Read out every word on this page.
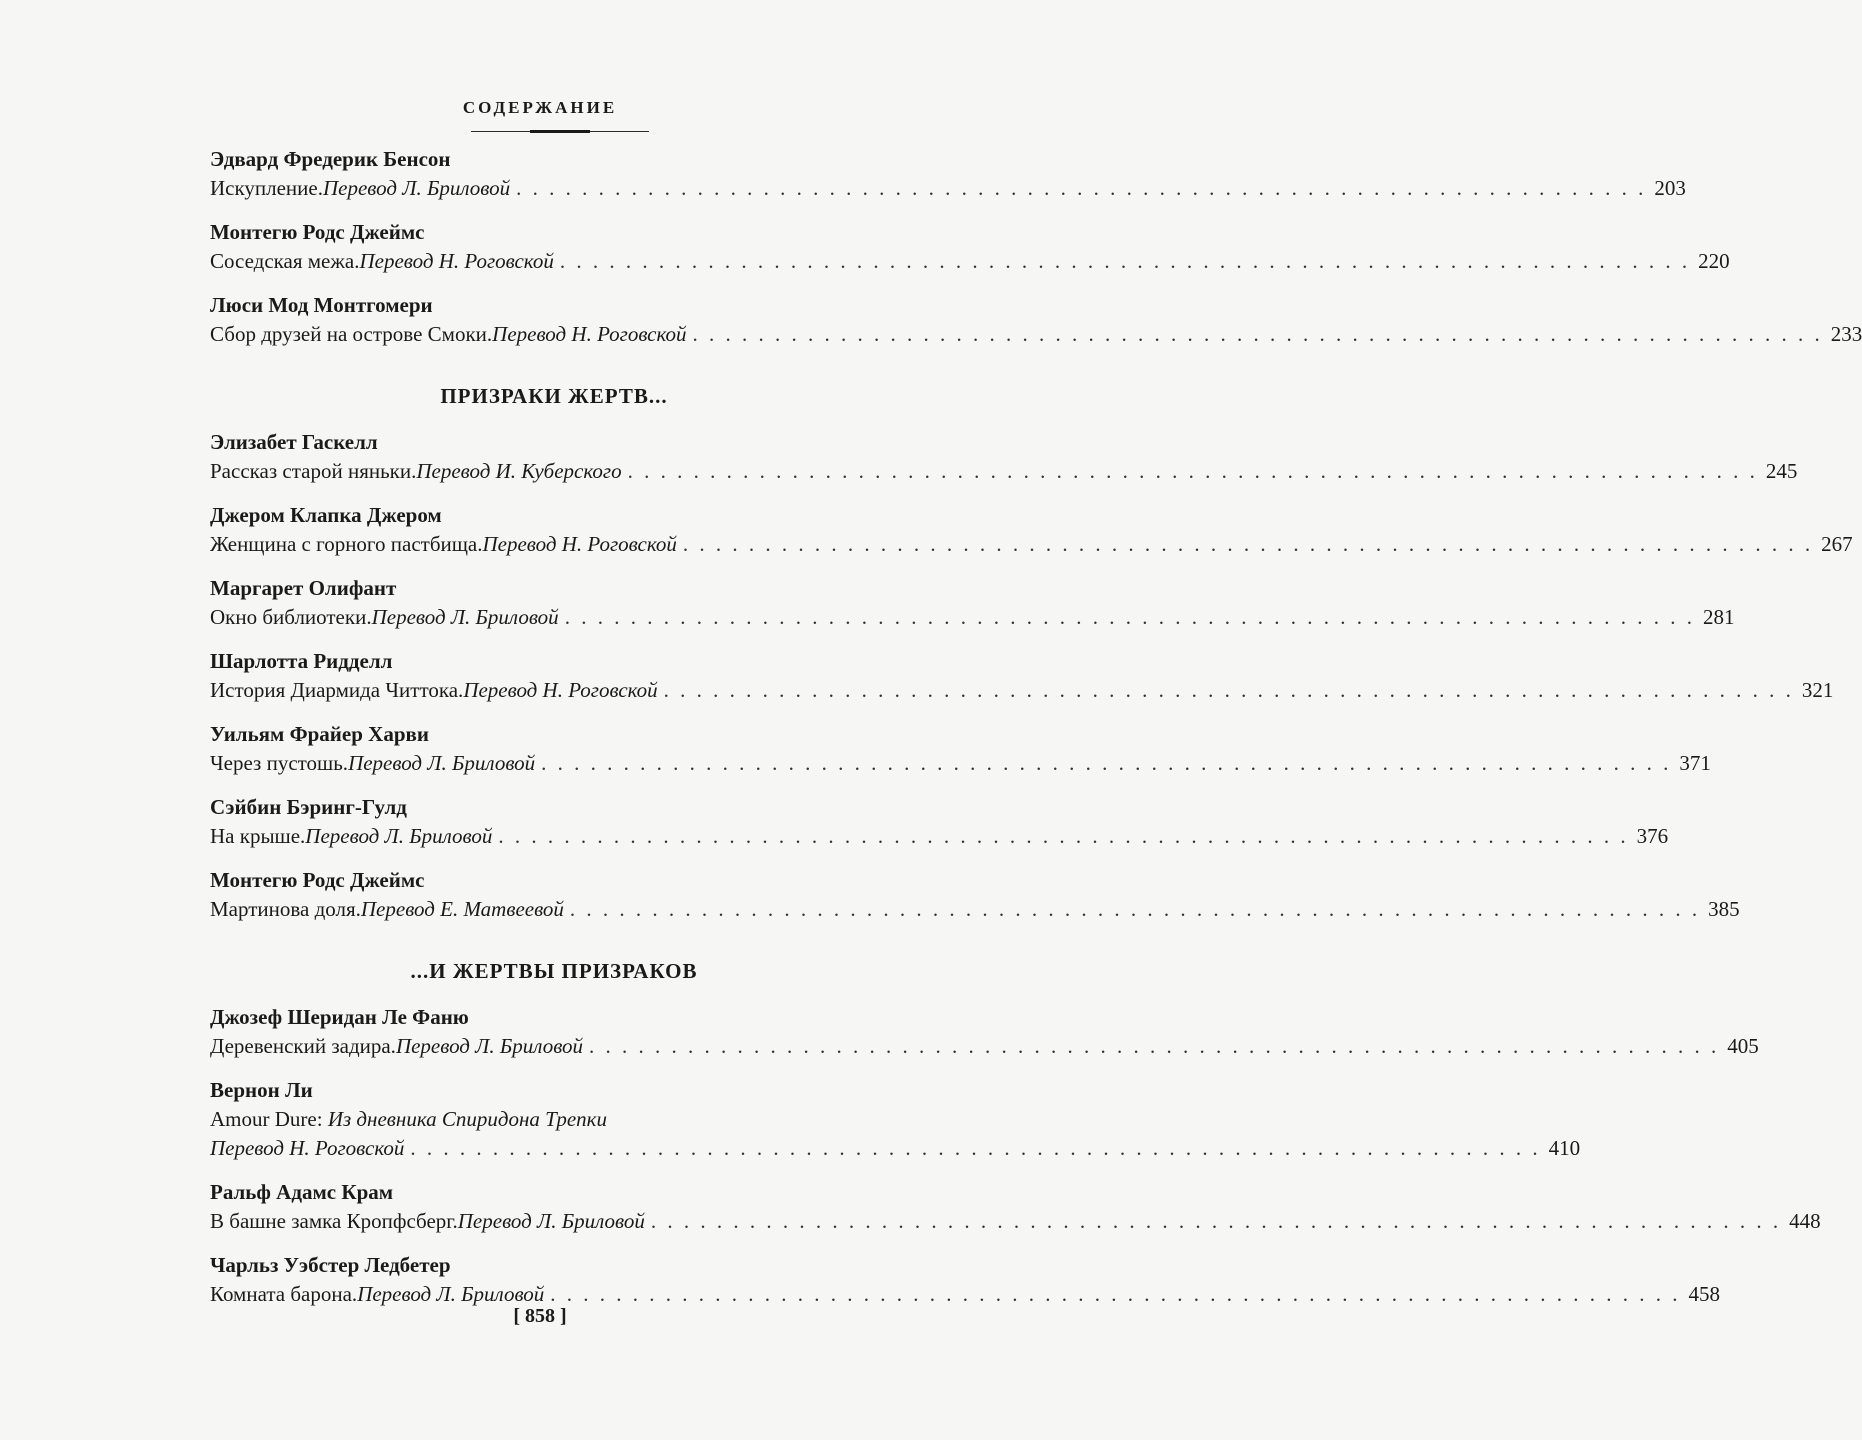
СОДЕРЖАНИЕ
Эдвард Фредерик Бенсон
Искупление. Перевод Л. Бриловой . . . . . . . . . . . . . . . . . . . . . . . . . . . . . . . . . . . . . . . . . . . . . . . . . . . . . . . . . . . . . . . . . . . . . 203
Монтегю Родс Джеймс
Соседская межа. Перевод Н. Роговской . . . . . . . . . . . . . . . . . . . . . . . . . . . . . . . . . . . . . . . . . . . . . . . . . . . . . . . . . . . . . . . . . . . . . 220
Люси Мод Монтгомери
Сбор друзей на острове Смоки. Перевод Н. Роговской . . . . . . . . . . . . . . . . . . . . . . . . . . . . . . . . . . . . . . . . . . . . . . . . . . . . . . . . . . . . . . . . . . . . . 233
ПРИЗРАКИ ЖЕРТВ...
Элизабет Гаскелл
Рассказ старой няньки. Перевод И. Куберского . . . . . . . . . . . . . . . . . . . . . . . . . . . . . . . . . . . . . . . . . . . . . . . . . . . . . . . . . . . . . . . . . . . . . 245
Джером Клапка Джером
Женщина с горного пастбища. Перевод Н. Роговской . . . . . . . . . . . . . . . . . . . . . . . . . . . . . . . . . . . . . . . . . . . . . . . . . . . . . . . . . . . . . . . . . . . . . 267
Маргарет Олифант
Окно библиотеки. Перевод Л. Бриловой . . . . . . . . . . . . . . . . . . . . . . . . . . . . . . . . . . . . . . . . . . . . . . . . . . . . . . . . . . . . . . . . . . . . . 281
Шарлотта Ридделл
История Диармида Читтока. Перевод Н. Роговской . . . . . . . . . . . . . . . . . . . . . . . . . . . . . . . . . . . . . . . . . . . . . . . . . . . . . . . . . . . . . . . . . . . . . 321
Уильям Фрайер Харви
Через пустошь. Перевод Л. Бриловой . . . . . . . . . . . . . . . . . . . . . . . . . . . . . . . . . . . . . . . . . . . . . . . . . . . . . . . . . . . . . . . . . . . . . 371
Сэйбин Бэринг-Гулд
На крыше. Перевод Л. Бриловой . . . . . . . . . . . . . . . . . . . . . . . . . . . . . . . . . . . . . . . . . . . . . . . . . . . . . . . . . . . . . . . . . . . . . 376
Монтегю Родс Джеймс
Мартинова доля. Перевод Е. Матвеевой . . . . . . . . . . . . . . . . . . . . . . . . . . . . . . . . . . . . . . . . . . . . . . . . . . . . . . . . . . . . . . . . . . . . . 385
...И ЖЕРТВЫ ПРИЗРАКОВ
Джозеф Шеридан Ле Фаню
Деревенский задира. Перевод Л. Бриловой . . . . . . . . . . . . . . . . . . . . . . . . . . . . . . . . . . . . . . . . . . . . . . . . . . . . . . . . . . . . . . . . . . . . . 405
Вернон Ли
Amour Dure: Из дневника Спиридона Трепки
Перевод Н. Роговской . . . . . . . . . . . . . . . . . . . . . . . . . . . . . . . . . . . . . . . . . . . . . . . . . . . . . . . . . . . . . . . . . . . . . 410
Ральф Адамс Крам
В башне замка Кропфсберг. Перевод Л. Бриловой . . . . . . . . . . . . . . . . . . . . . . . . . . . . . . . . . . . . . . . . . . . . . . . . . . . . . . . . . . . . . . . . . . . . . 448
Чарльз Уэбстер Ледбетер
Комната барона. Перевод Л. Бриловой . . . . . . . . . . . . . . . . . . . . . . . . . . . . . . . . . . . . . . . . . . . . . . . . . . . . . . . . . . . . . . . . . . . . . 458
[ 858 ]
